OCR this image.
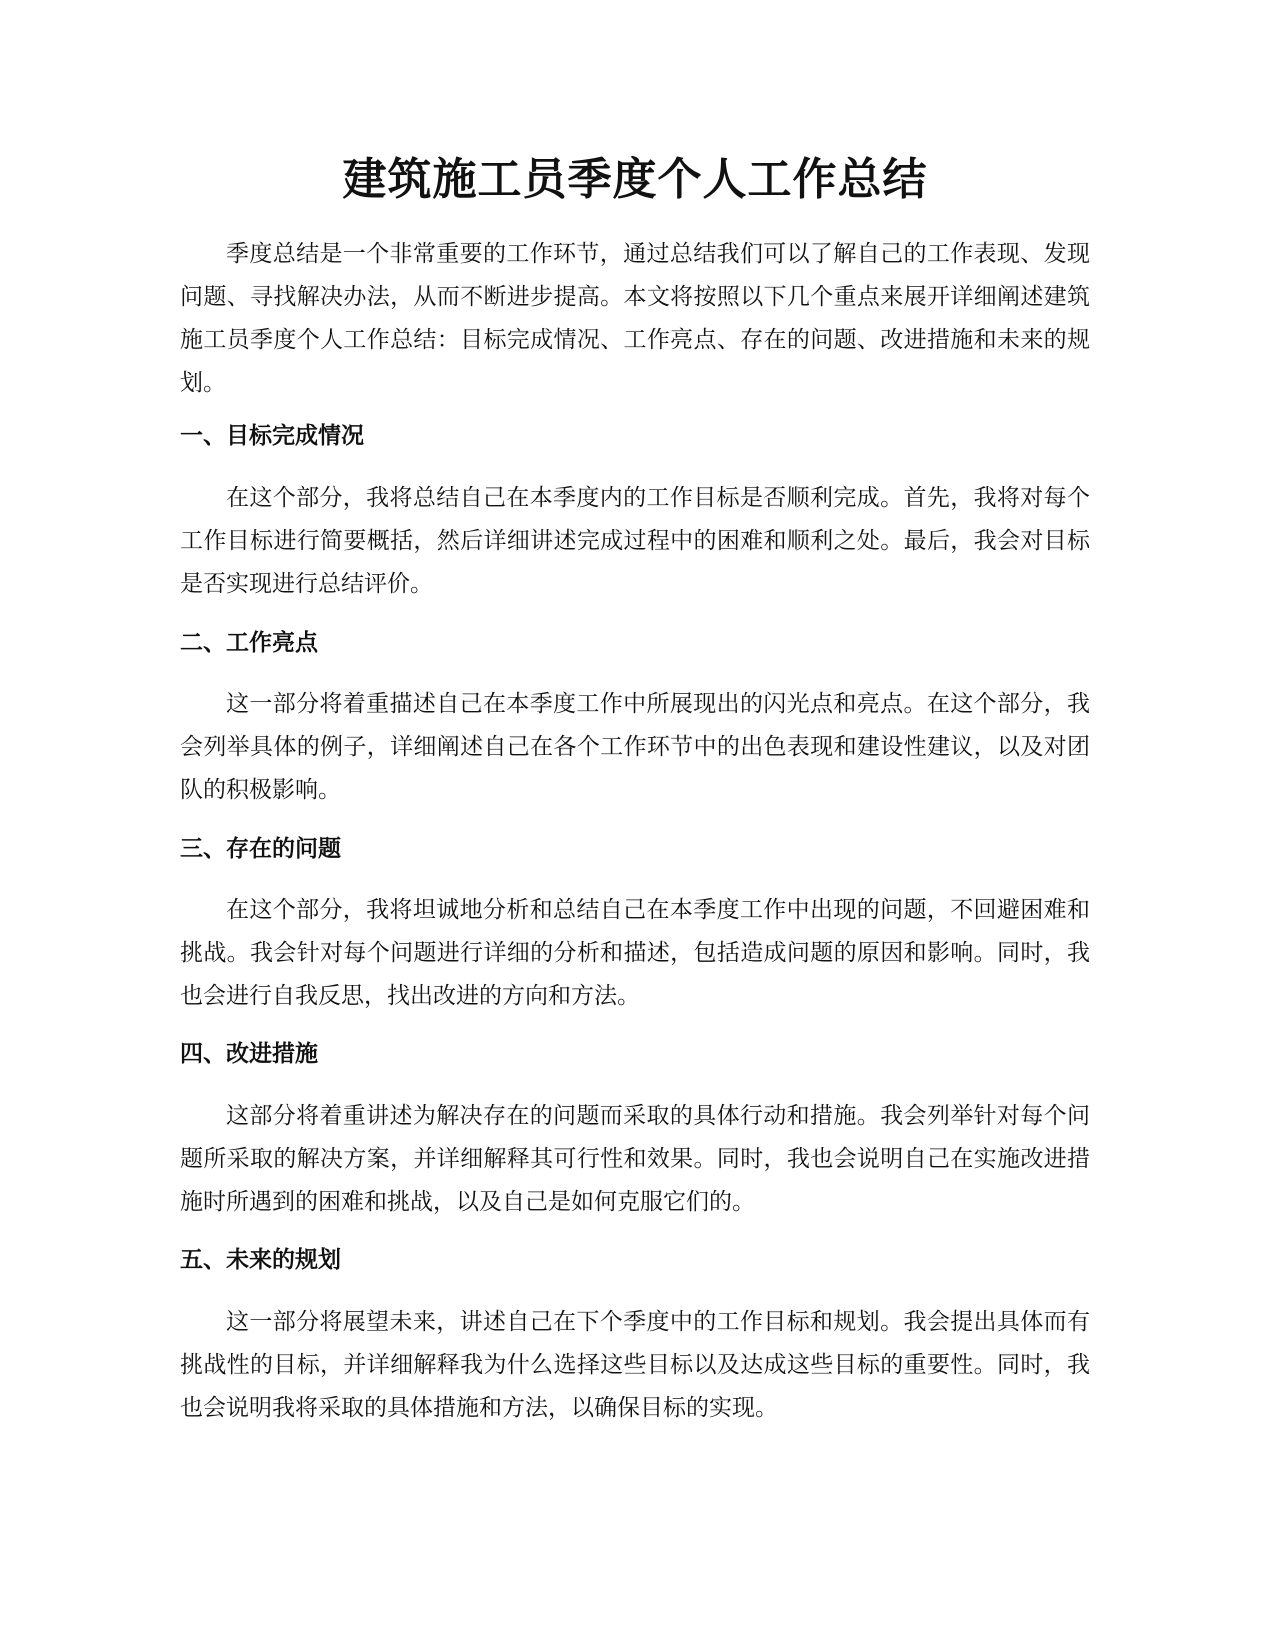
建筑施工员季度个人工作总结

季度总结是一个非常重要的工作环节，通过总结我们可以了解自己的工作表现、发现问题、寻找解决办法，从而不断进步提高。本文将按照以下几个重点来展开详细阐述建筑施工员季度个人工作总结：目标完成情况、工作亮点、存在的问题、改进措施和未来的规划。

一、目标完成情况

在这个部分，我将总结自己在本季度内的工作目标是否顺利完成。首先，我将对每个工作目标进行简要概括，然后详细讲述完成过程中的困难和顺利之处。最后，我会对目标是否实现进行总结评价。

二、工作亮点

这一部分将着重描述自己在本季度工作中所展现出的闪光点和亮点。在这个部分，我会列举具体的例子，详细阐述自己在各个工作环节中的出色表现和建设性建议，以及对团队的积极影响。

三、存在的问题

在这个部分，我将坦诚地分析和总结自己在本季度工作中出现的问题，不回避困难和挑战。我会针对每个问题进行详细的分析和描述，包括造成问题的原因和影响。同时，我也会进行自我反思，找出改进的方向和方法。

四、改进措施

这部分将着重讲述为解决存在的问题而采取的具体行动和措施。我会列举针对每个问题所采取的解决方案，并详细解释其可行性和效果。同时，我也会说明自己在实施改进措施时所遇到的困难和挑战，以及自己是如何克服它们的。

五、未来的规划

这一部分将展望未来，讲述自己在下个季度中的工作目标和规划。我会提出具体而有挑战性的目标，并详细解释我为什么选择这些目标以及达成这些目标的重要性。同时，我也会说明我将采取的具体措施和方法，以确保目标的实现。
